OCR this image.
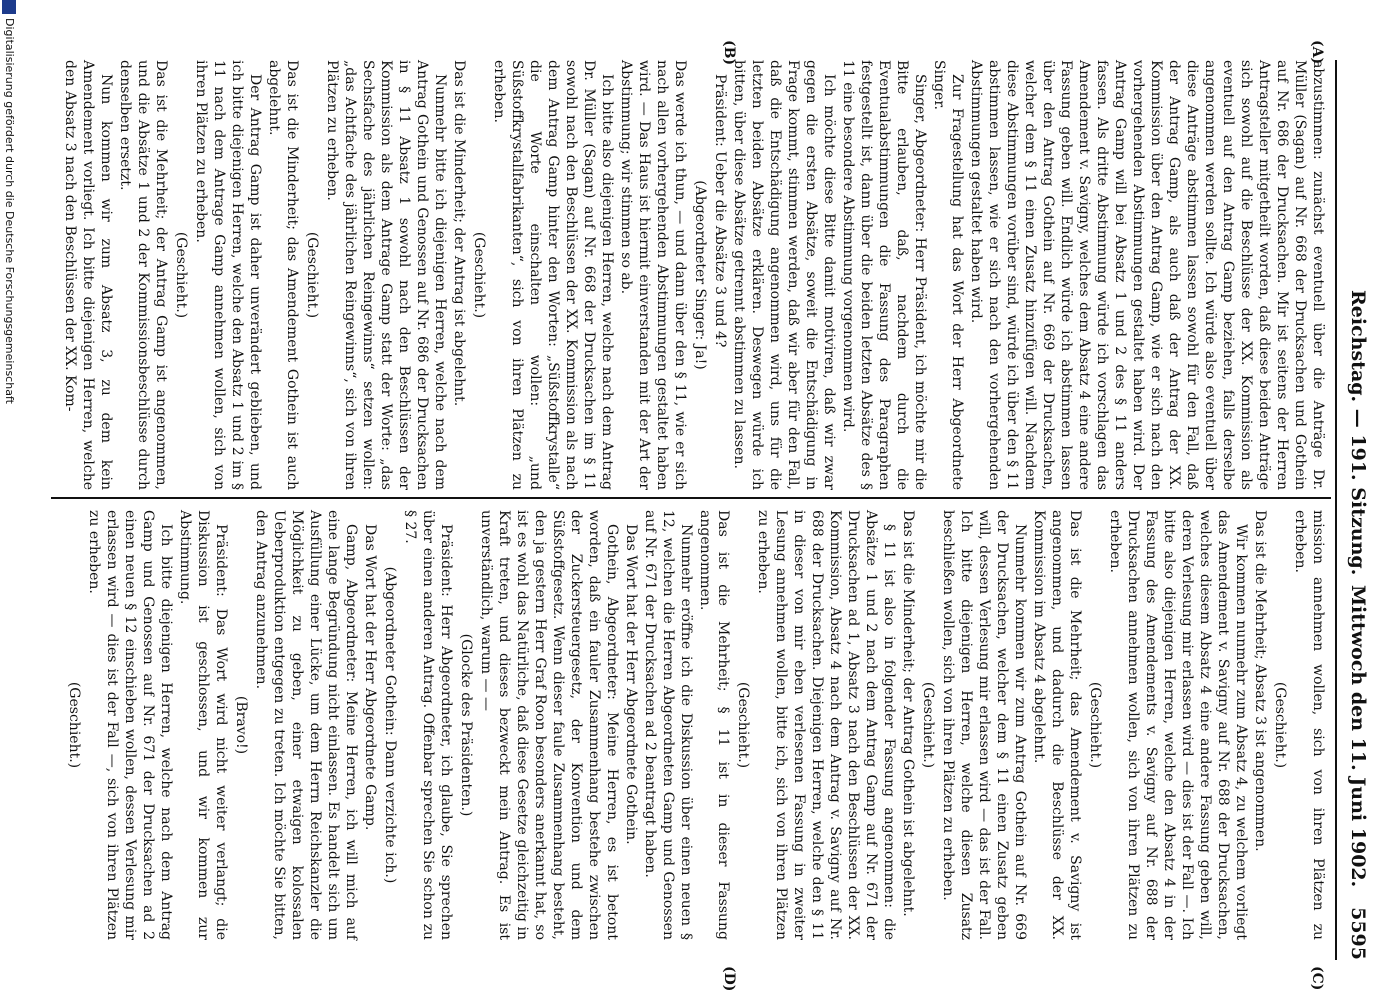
Reichstag. — 191. Sitzung.
Mittwoch den 11. Juni 1902.
5595
(A)
(B)
(C)
(D)

abzustimmen: zunächst eventuell über die Anträge Dr. Müller (Sagan) auf Nr. 668 der Drucksachen und Gothein auf Nr. 686 der Drucksachen. Mir ist seitens der Herren Antragsteller mitgetheilt worden, daß diese beiden Anträge sich sowohl auf die Beschlüsse der XX. Kommission als eventuell auf den Antrag Gamp beziehen, falls derselbe angenommen werden sollte. Ich würde also eventuell über diese Anträge abstimmen lassen sowohl für den Fall, daß der Antrag Gamp, als auch daß der Antrag der XX. Kommission über den Antrag Gamp, wie er sich nach den vorhergehenden Abstimmungen gestaltet haben wird. Der Antrag Gamp will bei Absatz 1 und 2 des § 11 anders fassen. Als dritte Abstimmung würde ich vorschlagen das Amendement v. Savigny, welches dem Absatz 4 eine andere Fassung geben will. Endlich würde ich abstimmen lassen über den Antrag Gothein auf Nr. 669 der Drucksachen, welcher dem § 11 einen Zusatz hinzufügen will. Nachdem diese Abstimmungen vorüber sind, würde ich über den § 11 abstimmen lassen, wie er sich nach den vorhergehenden Abstimmungen gestaltet haben wird.

Zur Fragestellung hat das Wort der Herr Abgeordnete Singer.

Singer, Abgeordneter: Herr Präsident, ich möchte mir die Bitte erlauben, daß, nachdem durch die Eventualabstimmungen die Fassung des Paragraphen festgestellt ist, dann über die beiden letzten Absätze des § 11 eine besondere Abstimmung vorgenommen wird.

Ich möchte diese Bitte damit motiviren, daß wir zwar gegen die ersten Absätze, soweit die Entschädigung in Frage kommt, stimmen werden, daß wir aber für den Fall, daß die Entschädigung angenommen wird, uns für die letzten beiden Absätze erklären. Deswegen würde ich bitten, über diese Absätze getrennt abstimmen zu lassen.

Präsident: Ueber die Absätze 3 und 4?

(Abgeordneter Singer: Ja!)

Das werde ich thun, — und dann über den § 11, wie er sich nach allen vorhergehenden Abstimmungen gestaltet haben wird. — Das Haus ist hiermit einverstanden mit der Art der Abstimmung; wir stimmen so ab.

Ich bitte also diejenigen Herren, welche nach dem Antrag Dr. Müller (Sagan) auf Nr. 668 der Drucksachen im § 11 sowohl nach den Beschlüssen der XX. Kommission als nach dem Antrag Gamp hinter den Worten: „Süßstoffkrystalle“ die Worte einschalten wollen: „und Süßstoffkrystallfabrikanten“, sich von ihren Plätzen zu erheben.

(Geschieht.)

Das ist die Minderheit; der Antrag ist abgelehnt.

Nunmehr bitte ich diejenigen Herren, welche nach dem Antrag Gothein und Genossen auf Nr. 686 der Drucksachen in § 11 Absatz 1 sowohl nach den Beschlüssen der Kommission als dem Antrage Gamp statt der Worte: „das Sechsfache des jährlichen Reingewinns“ setzen wollen: „das Achtfache des jährlichen Reingewinns“, sich von ihren Plätzen zu erheben.

(Geschieht.)

Das ist die Minderheit; das Amendement Gothein ist auch abgelehnt.

Der Antrag Gamp ist daher unverändert geblieben, und ich bitte diejenigen Herren, welche den Absatz 1 und 2 im § 11 nach dem Antrage Gamp annehmen wollen, sich von ihren Plätzen zu erheben.

(Geschieht.)

Das ist die Mehrheit; der Antrag Gamp ist angenommen, und die Absätze 1 und 2 der Kommissionsbeschlüsse durch denselben ersetzt.

Nun kommen wir zum Absatz 3, zu dem kein Amendement vorliegt. Ich bitte diejenigen Herren, welche den Absatz 3 nach den Beschlüssen der XX. Kom-

mission annehmen wollen, sich von ihren Plätzen zu erheben.

(Geschieht.)

Das ist die Mehrheit; Absatz 3 ist angenommen.

Wir kommen nunmehr zum Absatz 4, zu welchem vorliegt das Amendement v. Savigny auf Nr. 688 der Drucksachen, welches diesem Absatz 4 eine andere Fassung geben will, deren Verlesung mir erlassen wird — dies ist der Fall —. Ich bitte also diejenigen Herren, welche den Absatz 4 in der Fassung des Amendements v. Savigny auf Nr. 688 der Drucksachen annehmen wollen, sich von ihren Plätzen zu erheben.

(Geschieht.)

Das ist die Mehrheit; das Amendement v. Savigny ist angenommen, und dadurch die Beschlüsse der XX. Kommission im Absatz 4 abgelehnt.

Nunmehr kommen wir zum Antrag Gothein auf Nr. 669 der Drucksachen, welcher dem § 11 einen Zusatz geben will, dessen Verlesung mir erlassen wird — das ist der Fall. Ich bitte diejenigen Herren, welche diesen Zusatz beschließen wollen, sich von ihren Plätzen zu erheben.

(Geschieht.)

Das ist die Minderheit; der Antrag Gothein ist abgelehnt.

§ 11 ist also in folgender Fassung angenommen: die Absätze 1 und 2 nach dem Antrag Gamp auf Nr. 671 der Drucksachen ad 1, Absatz 3 nach den Beschlüssen der XX. Kommission, Absatz 4 nach dem Antrag v. Savigny auf Nr. 688 der Drucksachen. Diejenigen Herren, welche den § 11 in dieser von mir eben verlesenen Fassung in zweiter Lesung annehmen wollen, bitte ich, sich von ihren Plätzen zu erheben.

(Geschieht.)

Das ist die Mehrheit; § 11 ist in dieser Fassung angenommen.

Nunmehr eröffne ich die Diskussion über einen neuen § 12, welchen die Herren Abgeordneten Gamp und Genossen auf Nr. 671 der Drucksachen ad 2 beantragt haben.

Das Wort hat der Herr Abgeordnete Gothein.

Gothein, Abgeordneter: Meine Herren, es ist betont worden, daß ein fauler Zusammenhang bestehe zwischen der Zuckersteuergesetz, der Konvention und dem Süßstoffgesetz. Wenn dieser faule Zusammenhang besteht, den ja gestern Herr Graf Roon besonders anerkannt hat, so ist es wohl das Natürliche, daß diese Gesetze gleichzeitig in Kraft treten, und dieses bezweckt mein Antrag. Es ist unverständlich, warum — —

(Glocke des Präsidenten.)

Präsident: Herr Abgeordneter, ich glaube, Sie sprechen über einen anderen Antrag. Offenbar sprechen Sie schon zu § 27.

(Abgeordneter Gothein: Dann verzichte ich.)

Das Wort hat der Herr Abgeordnete Gamp.

Gamp, Abgeordneter: Meine Herren, ich will mich auf eine lange Begründung nicht einlassen. Es handelt sich um Ausfüllung einer Lücke, um dem Herrn Reichskanzler die Möglichkeit zu geben, einer etwaigen kolossalen Ueberproduktion entgegen zu treten. Ich möchte Sie bitten, den Antrag anzunehmen.

(Bravo!)

Präsident: Das Wort wird nicht weiter verlangt; die Diskussion ist geschlossen, und wir kommen zur Abstimmung.

Ich bitte diejenigen Herren, welche nach dem Antrag Gamp und Genossen auf Nr. 671 der Drucksachen ad 2 einen neuen § 12 einschieben wollen, dessen Verlesung mir erlassen wird — dies ist der Fall —, sich von ihren Plätzen zu erheben.

(Geschieht.)

Digitalisierung gefördert durch die Deutsche Forschungsgemeinschaft
